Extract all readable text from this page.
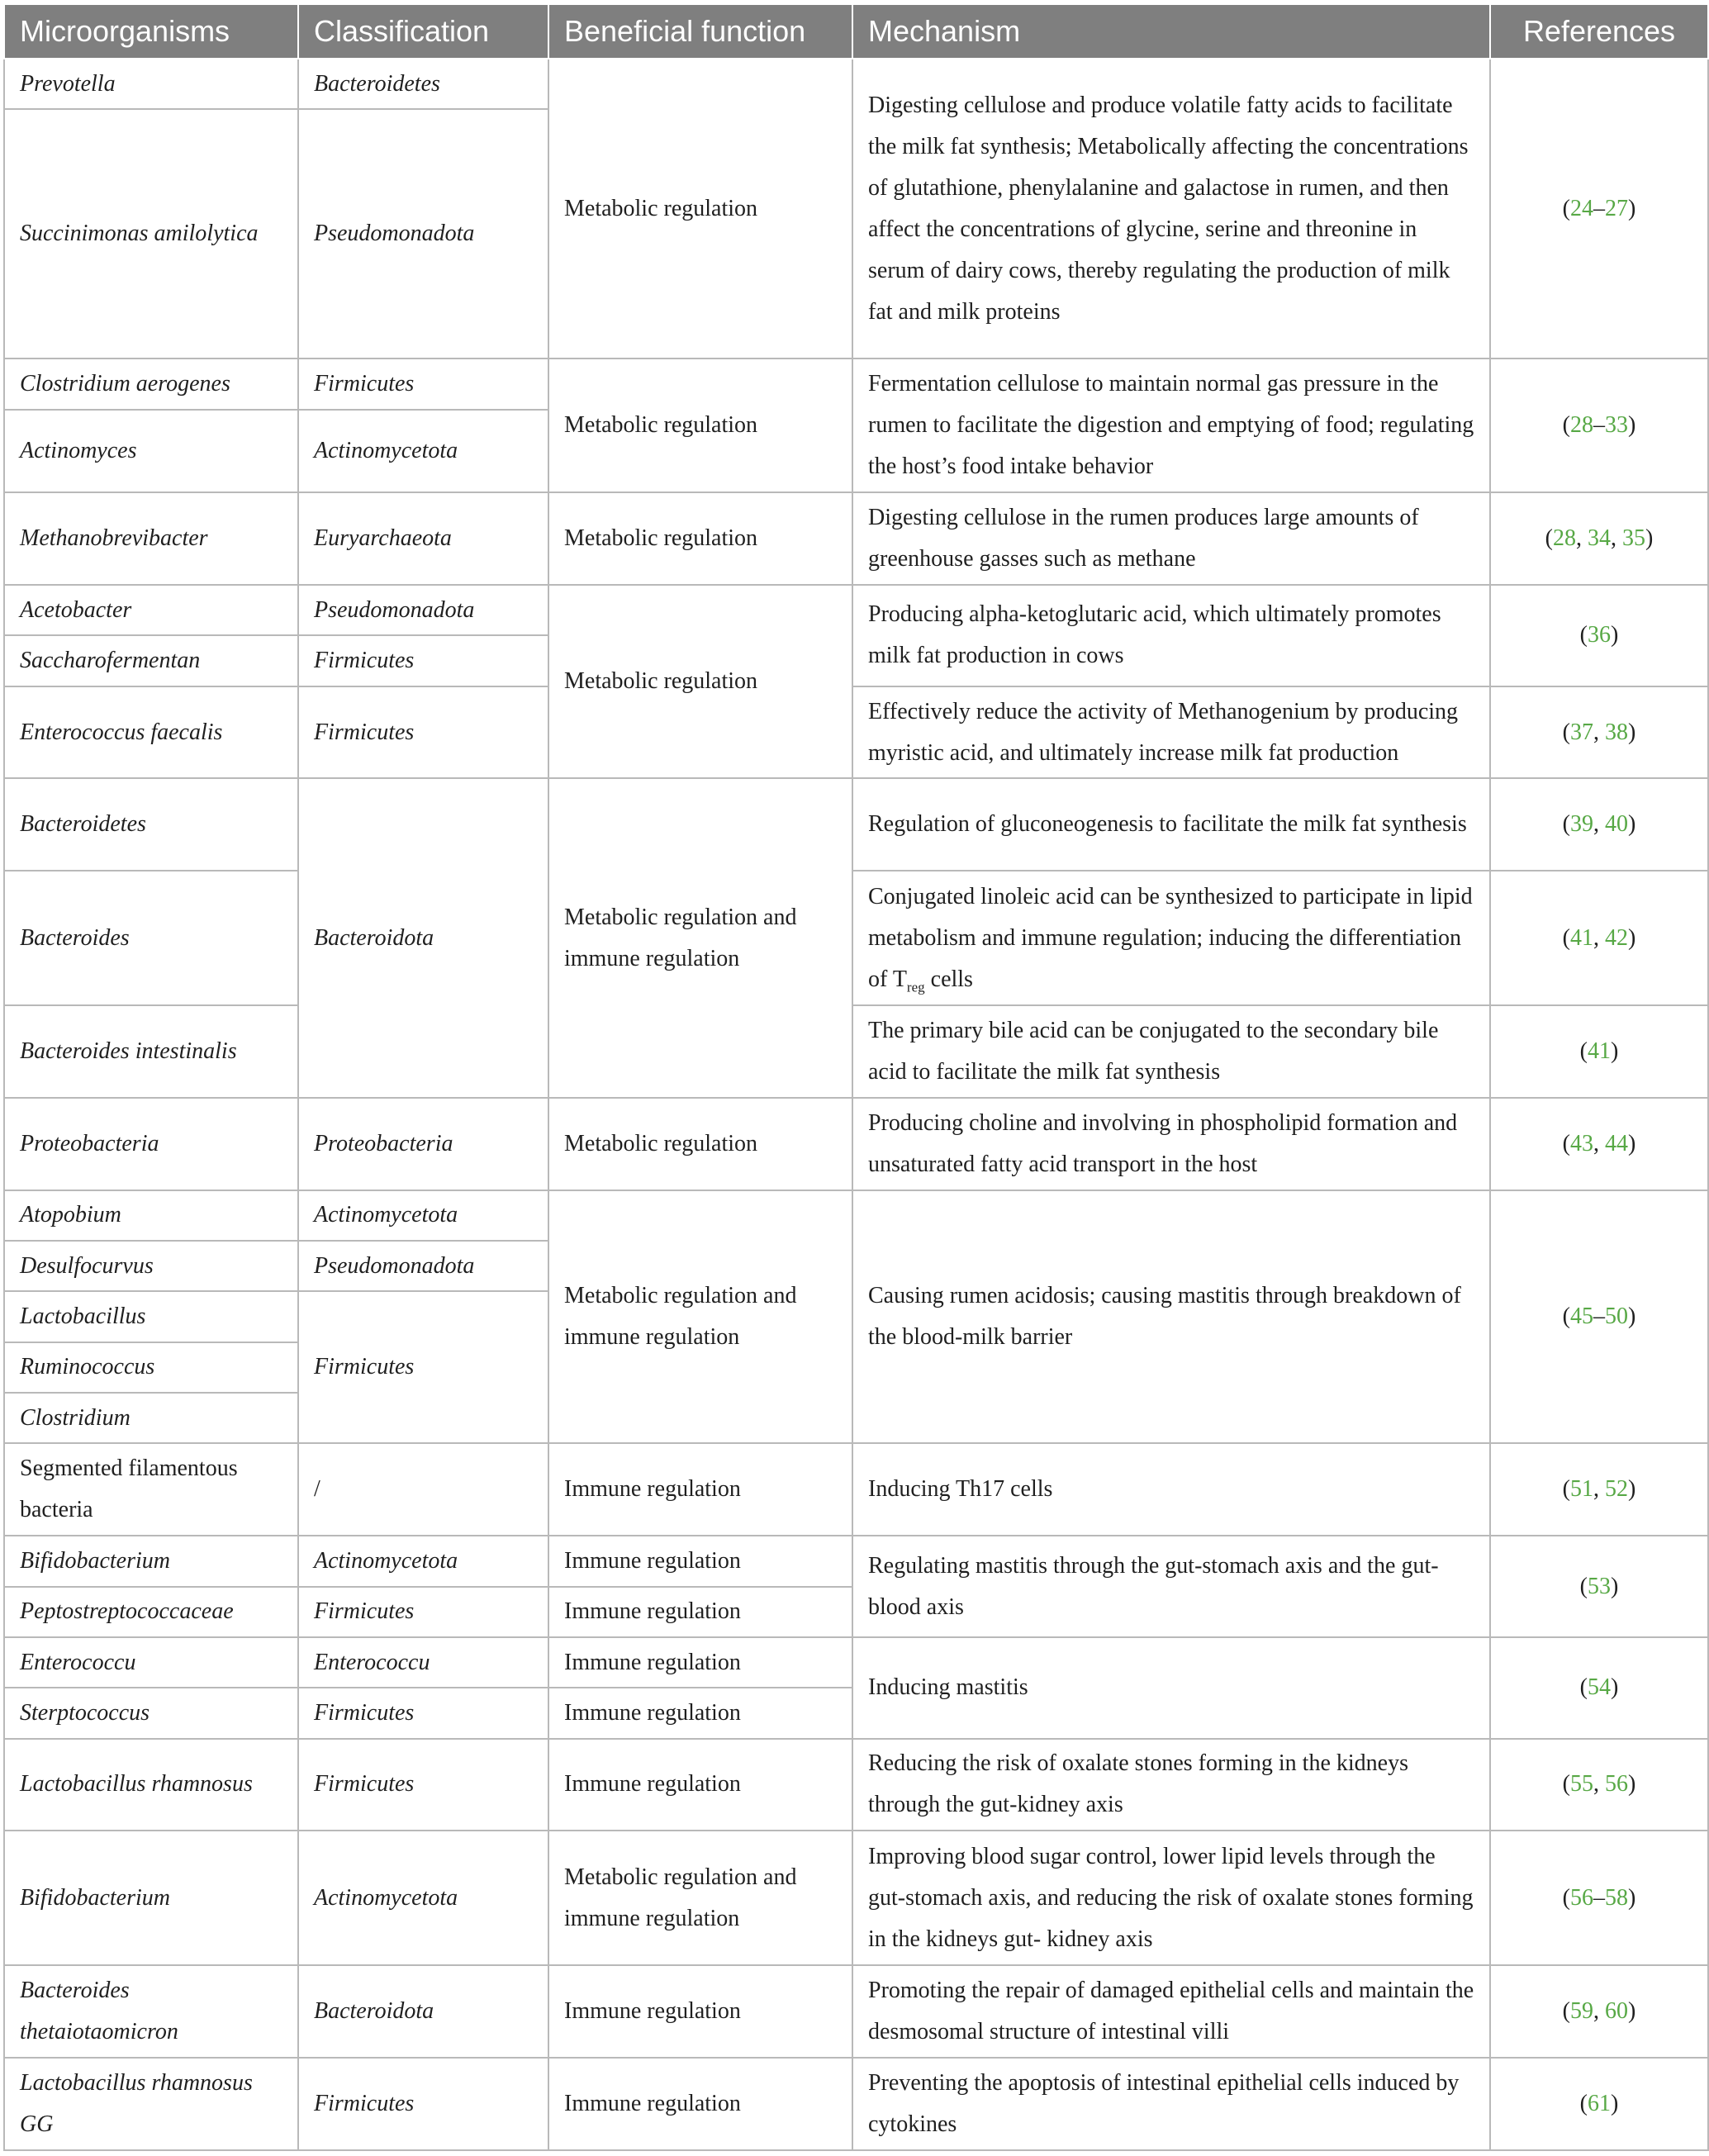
Microorganisms	Classification	Beneficial function	Mechanism	References
Prevotella	Bacteroidetes	Metabolic regulation	Digesting cellulose and produce volatile fatty acids to facilitate the milk fat synthesis; Metabolically affecting the concentrations of glutathione, phenylalanine and galactose in rumen, and then affect the concentrations of glycine, serine and threonine in serum of dairy cows, thereby regulating the production of milk fat and milk proteins	(24–27)
Succinimonas amilolytica	Pseudomonadota			
Clostridium aerogenes	Firmicutes	Metabolic regulation	Fermentation cellulose to maintain normal gas pressure in the rumen to facilitate the digestion and emptying of food; regulating the host’s food intake behavior	(28–33)
Actinomyces	Actinomycetota			
Methanobrevibacter	Euryarchaeota	Metabolic regulation	Digesting cellulose in the rumen produces large amounts of greenhouse gasses such as methane	(28, 34, 35)
Acetobacter	Pseudomonadota	Metabolic regulation	Producing alpha-ketoglutaric acid, which ultimately promotes milk fat production in cows	(36)
Saccharofermentan	Firmicutes			
Enterococcus faecalis	Firmicutes		Effectively reduce the activity of Methanogenium by producing myristic acid, and ultimately increase milk fat production	(37, 38)
Bacteroidetes	Bacteroidota	Metabolic regulation and immune regulation	Regulation of gluconeogenesis to facilitate the milk fat synthesis	(39, 40)
Bacteroides			Conjugated linoleic acid can be synthesized to participate in lipid metabolism and immune regulation; inducing the differentiation of $T_{reg}$ cells	(41, 42)
Bacteroides intestinalis			The primary bile acid can be conjugated to the secondary bile acid to facilitate the milk fat synthesis	(41)
Proteobacteria	Proteobacteria	Metabolic regulation	Producing choline and involving in phospholipid formation and unsaturated fatty acid transport in the host	(43, 44)
Atopobium	Actinomycetota	Metabolic regulation and immune regulation	Causing rumen acidosis; causing mastitis through breakdown of the blood-milk barrier	(45–50)
Desulfocurvus	Pseudomonadota			
Lactobacillus	Firmicutes			
Ruminococcus				
Clostridium				
Segmented filamentous bacteria	/	Immune regulation	Inducing Th17 cells	(51, 52)
Bifidobacterium	Actinomycetota	Immune regulation	Regulating mastitis through the gut-stomach axis and the gut-blood axis	(53)
Peptostreptococcaceae	Firmicutes	Immune regulation		
Enterococcu	Enterococcu	Immune regulation	Inducing mastitis	(54)
Sterptococcus	Firmicutes	Immune regulation		
Lactobacillus rhamnosus	Firmicutes	Immune regulation	Reducing the risk of oxalate stones forming in the kidneys through the gut-kidney axis	(55, 56)
Bifidobacterium	Actinomycetota	Metabolic regulation and immune regulation	Improving blood sugar control, lower lipid levels through the gut-stomach axis, and reducing the risk of oxalate stones forming in the kidneys gut- kidney axis	(56–58)
Bacteroides thetaiotaomicron	Bacteroidota	Immune regulation	Promoting the repair of damaged epithelial cells and maintain the desmosomal structure of intestinal villi	(59, 60)
Lactobacillus rhamnosus GG	Firmicutes	Immune regulation	Preventing the apoptosis of intestinal epithelial cells induced by cytokines	(61)
